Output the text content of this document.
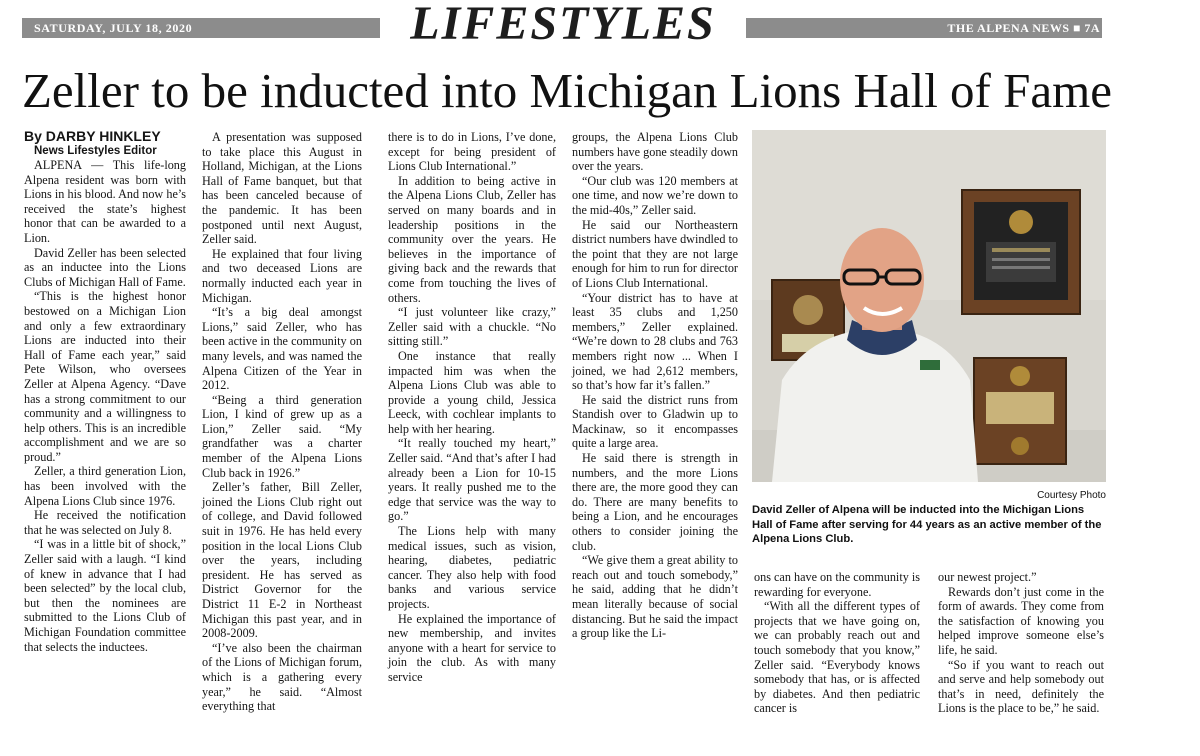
SATURDAY, JULY 18, 2020	LIFESTYLES	THE ALPENA NEWS ■ 7A
Zeller to be inducted into Michigan Lions Hall of Fame
By DARBY HINKLEY
News Lifestyles Editor

ALPENA — This life-long Alpena resident was born with Lions in his blood. And now he’s received the state’s highest honor that can be awarded to a Lion.

David Zeller has been selected as an inductee into the Lions Clubs of Michigan Hall of Fame.

“This is the highest honor bestowed on a Michigan Lion and only a few extraordinary Lions are inducted into their Hall of Fame each year,” said Pete Wilson, who oversees Zeller at Alpena Agency. “Dave has a strong commitment to our community and a willingness to help others. This is an incredible accomplishment and we are so proud.”

Zeller, a third generation Lion, has been involved with the Alpena Lions Club since 1976.

He received the notification that he was selected on July 8.

“I was in a little bit of shock,” Zeller said with a laugh. “I kind of knew in advance that I had been selected” by the local club, but then the nominees are submitted to the Lions Club of Michigan Foundation committee that selects the inductees.

A presentation was supposed to take place this August in Holland, Michigan, at the Lions Hall of Fame banquet, but that has been canceled because of the pandemic. It has been postponed until next August, Zeller said.

He explained that four living and two deceased Lions are normally inducted each year in Michigan.

“It’s a big deal amongst Lions,” said Zeller, who has been active in the community on many levels, and was named the Alpena Citizen of the Year in 2012.

“Being a third generation Lion, I kind of grew up as a Lion,” Zeller said. “My grandfather was a charter member of the Alpena Lions Club back in 1926.”

Zeller’s father, Bill Zeller, joined the Lions Club right out of college, and David followed suit in 1976. He has held every position in the local Lions Club over the years, including president. He has served as District Governor for the District 11 E-2 in Northeast Michigan this past year, and in 2008-2009.

“I’ve also been the chairman of the Lions of Michigan forum, which is a gathering every year,” he said. “Almost everything that

there is to do in Lions, I’ve done, except for being president of Lions Club International.”

In addition to being active in the Alpena Lions Club, Zeller has served on many boards and in leadership positions in the community over the years. He believes in the importance of giving back and the rewards that come from touching the lives of others.

“I just volunteer like crazy,” Zeller said with a chuckle. “No sitting still.”

One instance that really impacted him was when the Alpena Lions Club was able to provide a young child, Jessica Leeck, with cochlear implants to help with her hearing.

“It really touched my heart,” Zeller said. “And that’s after I had already been a Lion for 10-15 years. It really pushed me to the edge that service was the way to go.”

The Lions help with many medical issues, such as vision, hearing, diabetes, pediatric cancer. They also help with food banks and various service projects.

He explained the importance of new membership, and invites anyone with a heart for service to join the club. As with many service

groups, the Alpena Lions Club numbers have gone steadily down over the years.

“Our club was 120 members at one time, and now we’re down to the mid-40s,” Zeller said.

He said our Northeastern district numbers have dwindled to the point that they are not large enough for him to run for director of Lions Club International.

“Your district has to have at least 35 clubs and 1,250 members,” Zeller explained. “We’re down to 28 clubs and 763 members right now ... When I joined, we had 2,612 members, so that’s how far it’s fallen.”

He said the district runs from Standish over to Gladwin up to Mackinaw, so it encompasses quite a large area.

He said there is strength in numbers, and the more Lions there are, the more good they can do. There are many benefits to being a Lion, and he encourages others to consider joining the club.

“We give them a great ability to reach out and touch somebody,” he said, adding that he didn’t mean literally because of social distancing. But he said the impact a group like the Li-

Courtesy Photo
David Zeller of Alpena will be inducted into the Michigan Lions Hall of Fame after serving for 44 years as an active member of the Alpena Lions Club.

ons can have on the community is rewarding for everyone.

“With all the different types of projects that we have going on, we can probably reach out and touch somebody that you know,” Zeller said. “Everybody knows somebody that has, or is affected by diabetes. And then pediatric cancer is

our newest project.”

Rewards don’t just come in the form of awards. They come from the satisfaction of knowing you helped improve someone else’s life, he said.

“So if you want to reach out and serve and help somebody out that’s in need, definitely the Lions is the place to be,” he said.
